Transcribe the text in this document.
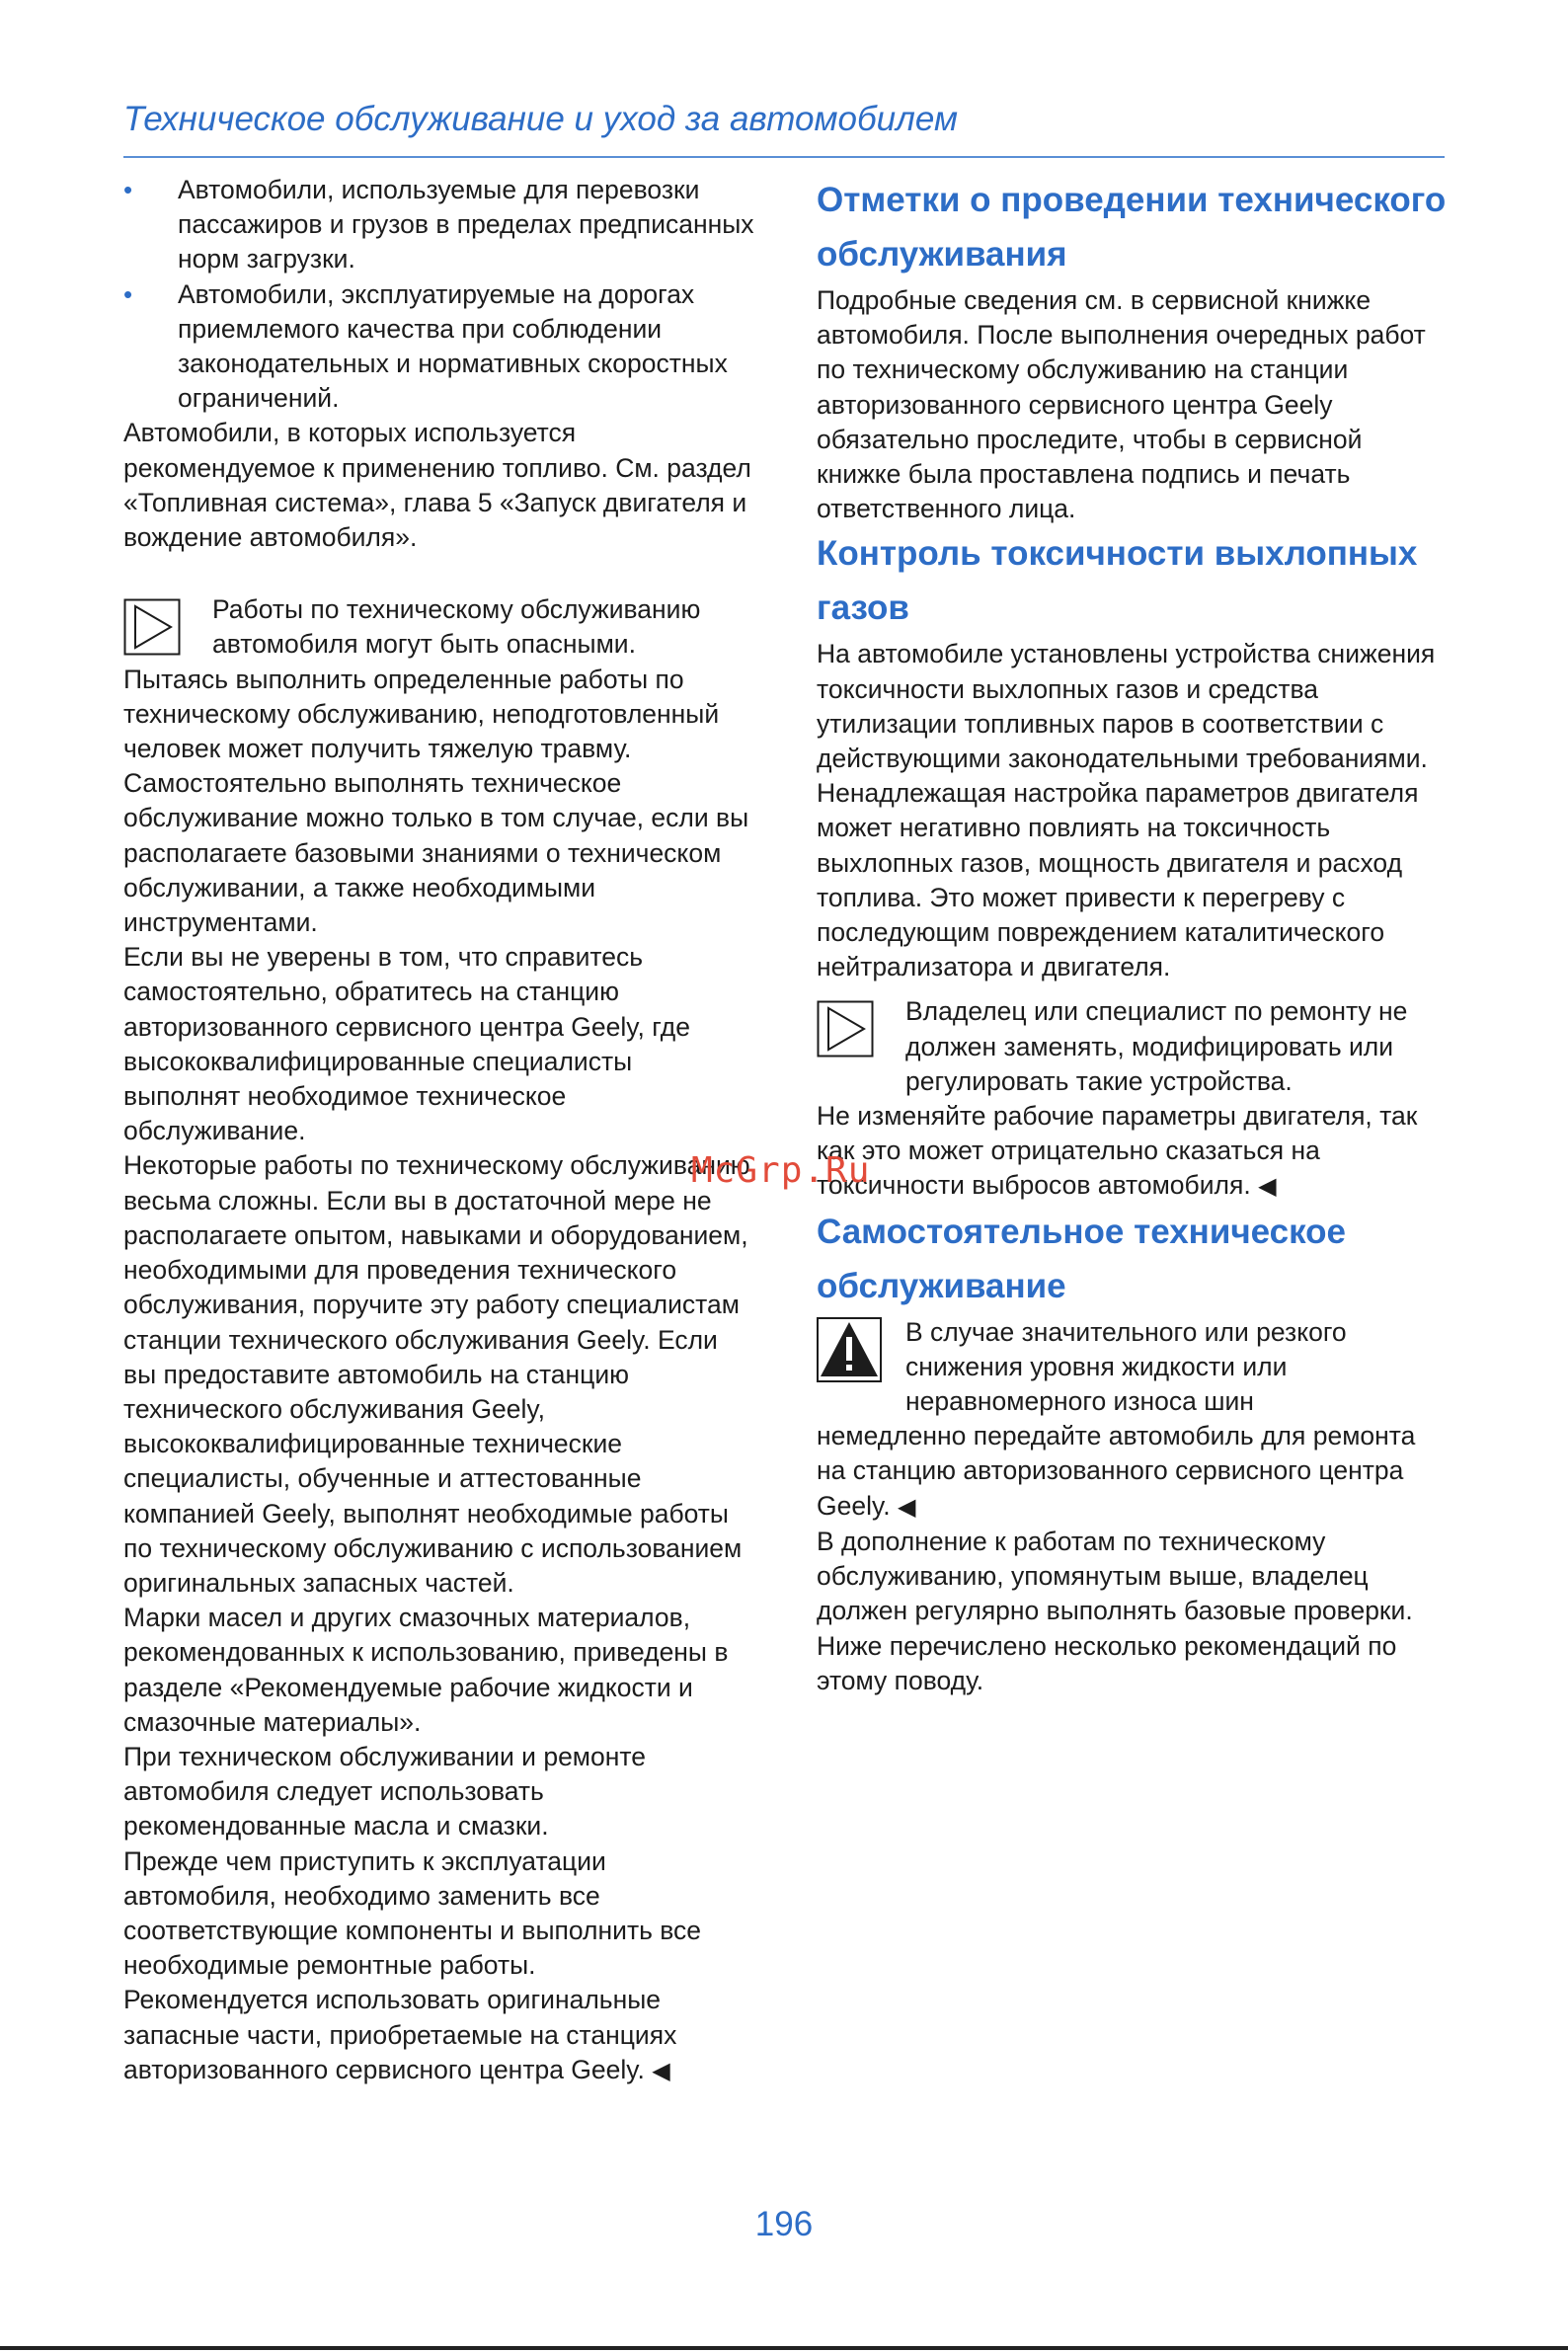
Техническое обслуживание и уход за автомобилем
• Автомобили, используемые для перевозки пассажиров и грузов в пределах предписанных норм загрузки.
• Автомобили, эксплуатируемые на дорогах приемлемого качества при соблюдении законодательных и нормативных скоростных ограничений.

Автомобили, в которых используется рекомендуемое к применению топливо. См. раздел «Топливная система», глава 5 «Запуск двигателя и вождение автомобиля».

Работы по техническому обслуживанию автомобиля могут быть опасными.

Пытаясь выполнить определенные работы по техническому обслуживанию, неподготовленный человек может получить тяжелую травму. Самостоятельно выполнять техническое обслуживание можно только в том случае, если вы располагаете базовыми знаниями о техническом обслуживании, а также необходимыми инструментами.

Если вы не уверены в том, что справитесь самостоятельно, обратитесь на станцию авторизованного сервисного центра Geely, где высококвалифицированные специалисты выполнят необходимое техническое обслуживание.

Некоторые работы по техническому обслуживанию весьма сложны. Если вы в достаточной мере не располагаете опытом, навыками и оборудованием, необходимыми для проведения технического обслуживания, поручите эту работу специалистам станции технического обслуживания Geely. Если вы предоставите автомобиль на станцию технического обслуживания Geely, высококвалифицированные технические специалисты, обученные и аттестованные компанией Geely, выполнят необходимые работы по техническому обслуживанию с использованием оригинальных запасных частей.

Марки масел и других смазочных материалов, рекомендованных к использованию, приведены в разделе «Рекомендуемые рабочие жидкости и смазочные материалы».

При техническом обслуживании и ремонте автомобиля следует использовать рекомендованные масла и смазки.

Прежде чем приступить к эксплуатации автомобиля, необходимо заменить все соответствующие компоненты и выполнить все необходимые ремонтные работы.

Рекомендуется использовать оригинальные запасные части, приобретаемые на станциях авторизованного сервисного центра Geely. ◀

Отметки о проведении технического обслуживания

Подробные сведения см. в сервисной книжке автомобиля. После выполнения очередных работ по техническому обслуживанию на станции авторизованного сервисного центра Geely обязательно проследите, чтобы в сервисной книжке была проставлена подпись и печать ответственного лица.

Контроль токсичности выхлопных газов

На автомобиле установлены устройства снижения токсичности выхлопных газов и средства утилизации топливных паров в соответствии с действующими законодательными требованиями.

Ненадлежащая настройка параметров двигателя может негативно повлиять на токсичность выхлопных газов, мощность двигателя и расход топлива. Это может привести к перегреву с последующим повреждением каталитического нейтрализатора и двигателя.

Владелец или специалист по ремонту не должен заменять, модифицировать или регулировать такие устройства.

Не изменяйте рабочие параметры двигателя, так как это может отрицательно сказаться на токсичности выбросов автомобиля. ◀

Самостоятельное техническое обслуживание
В случае значительного или резкого снижения уровня жидкости или неравномерного износа шин

немедленно передайте автомобиль для ремонта на станцию авторизованного сервисного центра Geely. ◀

В дополнение к работам по техническому обслуживанию, упомянутым выше, владелец должен регулярно выполнять базовые проверки. Ниже перечислено несколько рекомендаций по этому поводу.

McGrp.Ru
196
